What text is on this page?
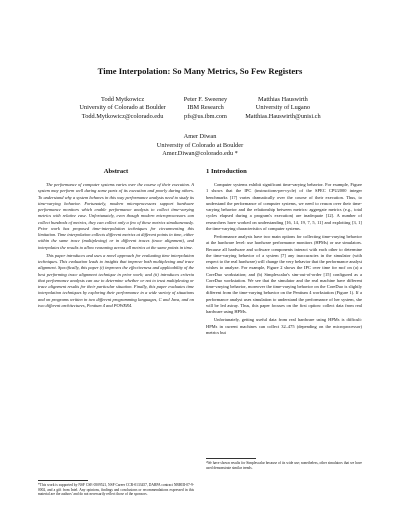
Time Interpolation: So Many Metrics, So Few Registers
Todd Mytkowicz
University of Colorado at Boulder
Todd.Mytkowicz@colorado.edu
Peter F. Sweeney
IBM Research
pfs@us.ibm.com
Matthias Hauswirth
University of Lugano
Matthias.Hauswirth@unisi.ch
Amer Diwan
University of Colorado at Boulder
Amer.Diwan@colorado.edu *
Abstract

The performance of computer systems varies over the course of their execution. A system may perform well during some parts of its execution and poorly during others. To understand why a system behaves in this way performance analysts need to study its time-varying behavior. Fortunately, modern microprocessors support hardware performance monitors which enable performance analysts to collect time-varying metrics with relative ease. Unfortunately, even though modern microprocessors can collect hundreds of metrics, they can collect only a few of these metrics simultaneously. Prior work has proposed time-interpolation techniques for circumventing this limitation. Time interpolation collects different metrics at different points in time, either within the same trace (multiplexing) or in different traces (trace alignment), and interpolates the results to allow reasoning across all metrics at the same points in time.

This paper introduces and uses a novel approach for evaluating time interpolation techniques. This evaluation leads to insights that improve both multiplexing and trace alignment. Specifically, this paper (i) improves the effectiveness and applicability of the best performing trace alignment technique in prior work; and (ii) introduces criteria that performance analysts can use to determine whether or not to trust multiplexing or trace alignment results for their particular situation. Finally, this paper evaluates time interpolation techniques by exploring their performance in a wide variety of situations and on programs written in two different programming languages, C and Java, and on two different architectures, Pentium 4 and POWER4.

1 Introduction

Computer systems exhibit significant time-varying behavior. For example, Figure 1 shows that the IPC (instructions-per-cycle) of the SPEC CPU2000 integer benchmarks [17] varies dramatically over the course of their execution. Thus, to understand the performance of computer systems, we need to reason over their time-varying behavior and the relationship between metrics: aggregate metrics (e.g., total cycles elapsed during a program's execution) are inadequate [12]. A number of researchers have worked on understanding [16, 14, 19, 7, 5, 11] and exploiting [3, 1] the time-varying characteristics of computer systems.

Performance analysts have two main options for collecting time-varying behavior at the hardware level: use hardware performance monitors (HPMs) or use simulators. Because all hardware and software components interact with each other to determine the time-varying behavior of a system [7] any inaccuracies in the simulator (with respect to the real hardware) will change the very behavior that the performance analyst wishes to analyze. For example, Figure 2 shows the IPC over time for mcf on (a) a CoreDuo workstation; and (b) Simplescalar's sim-out-of-order [15] configured as a CoreDuo workstation. We see that the simulator and the real machine have different time-varying behavior, moreover the time-varying behavior on the CoreDuo is slightly different from the time-varying behavior on the Pentium 4 workstation (Figure 1). If a performance analyst uses simulation to understand the performance of her system, she will be led astray. Thus, this paper focuses on the first option: collect data from real hardware using HPMs.

Unfortunately, getting useful data from real hardware using HPMs is difficult: HPMs in current machines can collect 32–475 (depending on the microprocessor) metrics but

*This work is supported by NSF CSE-0509521, NSF Career CCR-0133457, DARPA contract NBHIII-07-9-0002, and a gift from Intel. Any opinions, findings and conclusions or recommendations expressed in this material are the authors' and do not necessarily reflect those of the sponsors.

¹We have shown results for Simplescalar because of its wide use; nonetheless, other simulators that we have used demonstrate similar trends.
